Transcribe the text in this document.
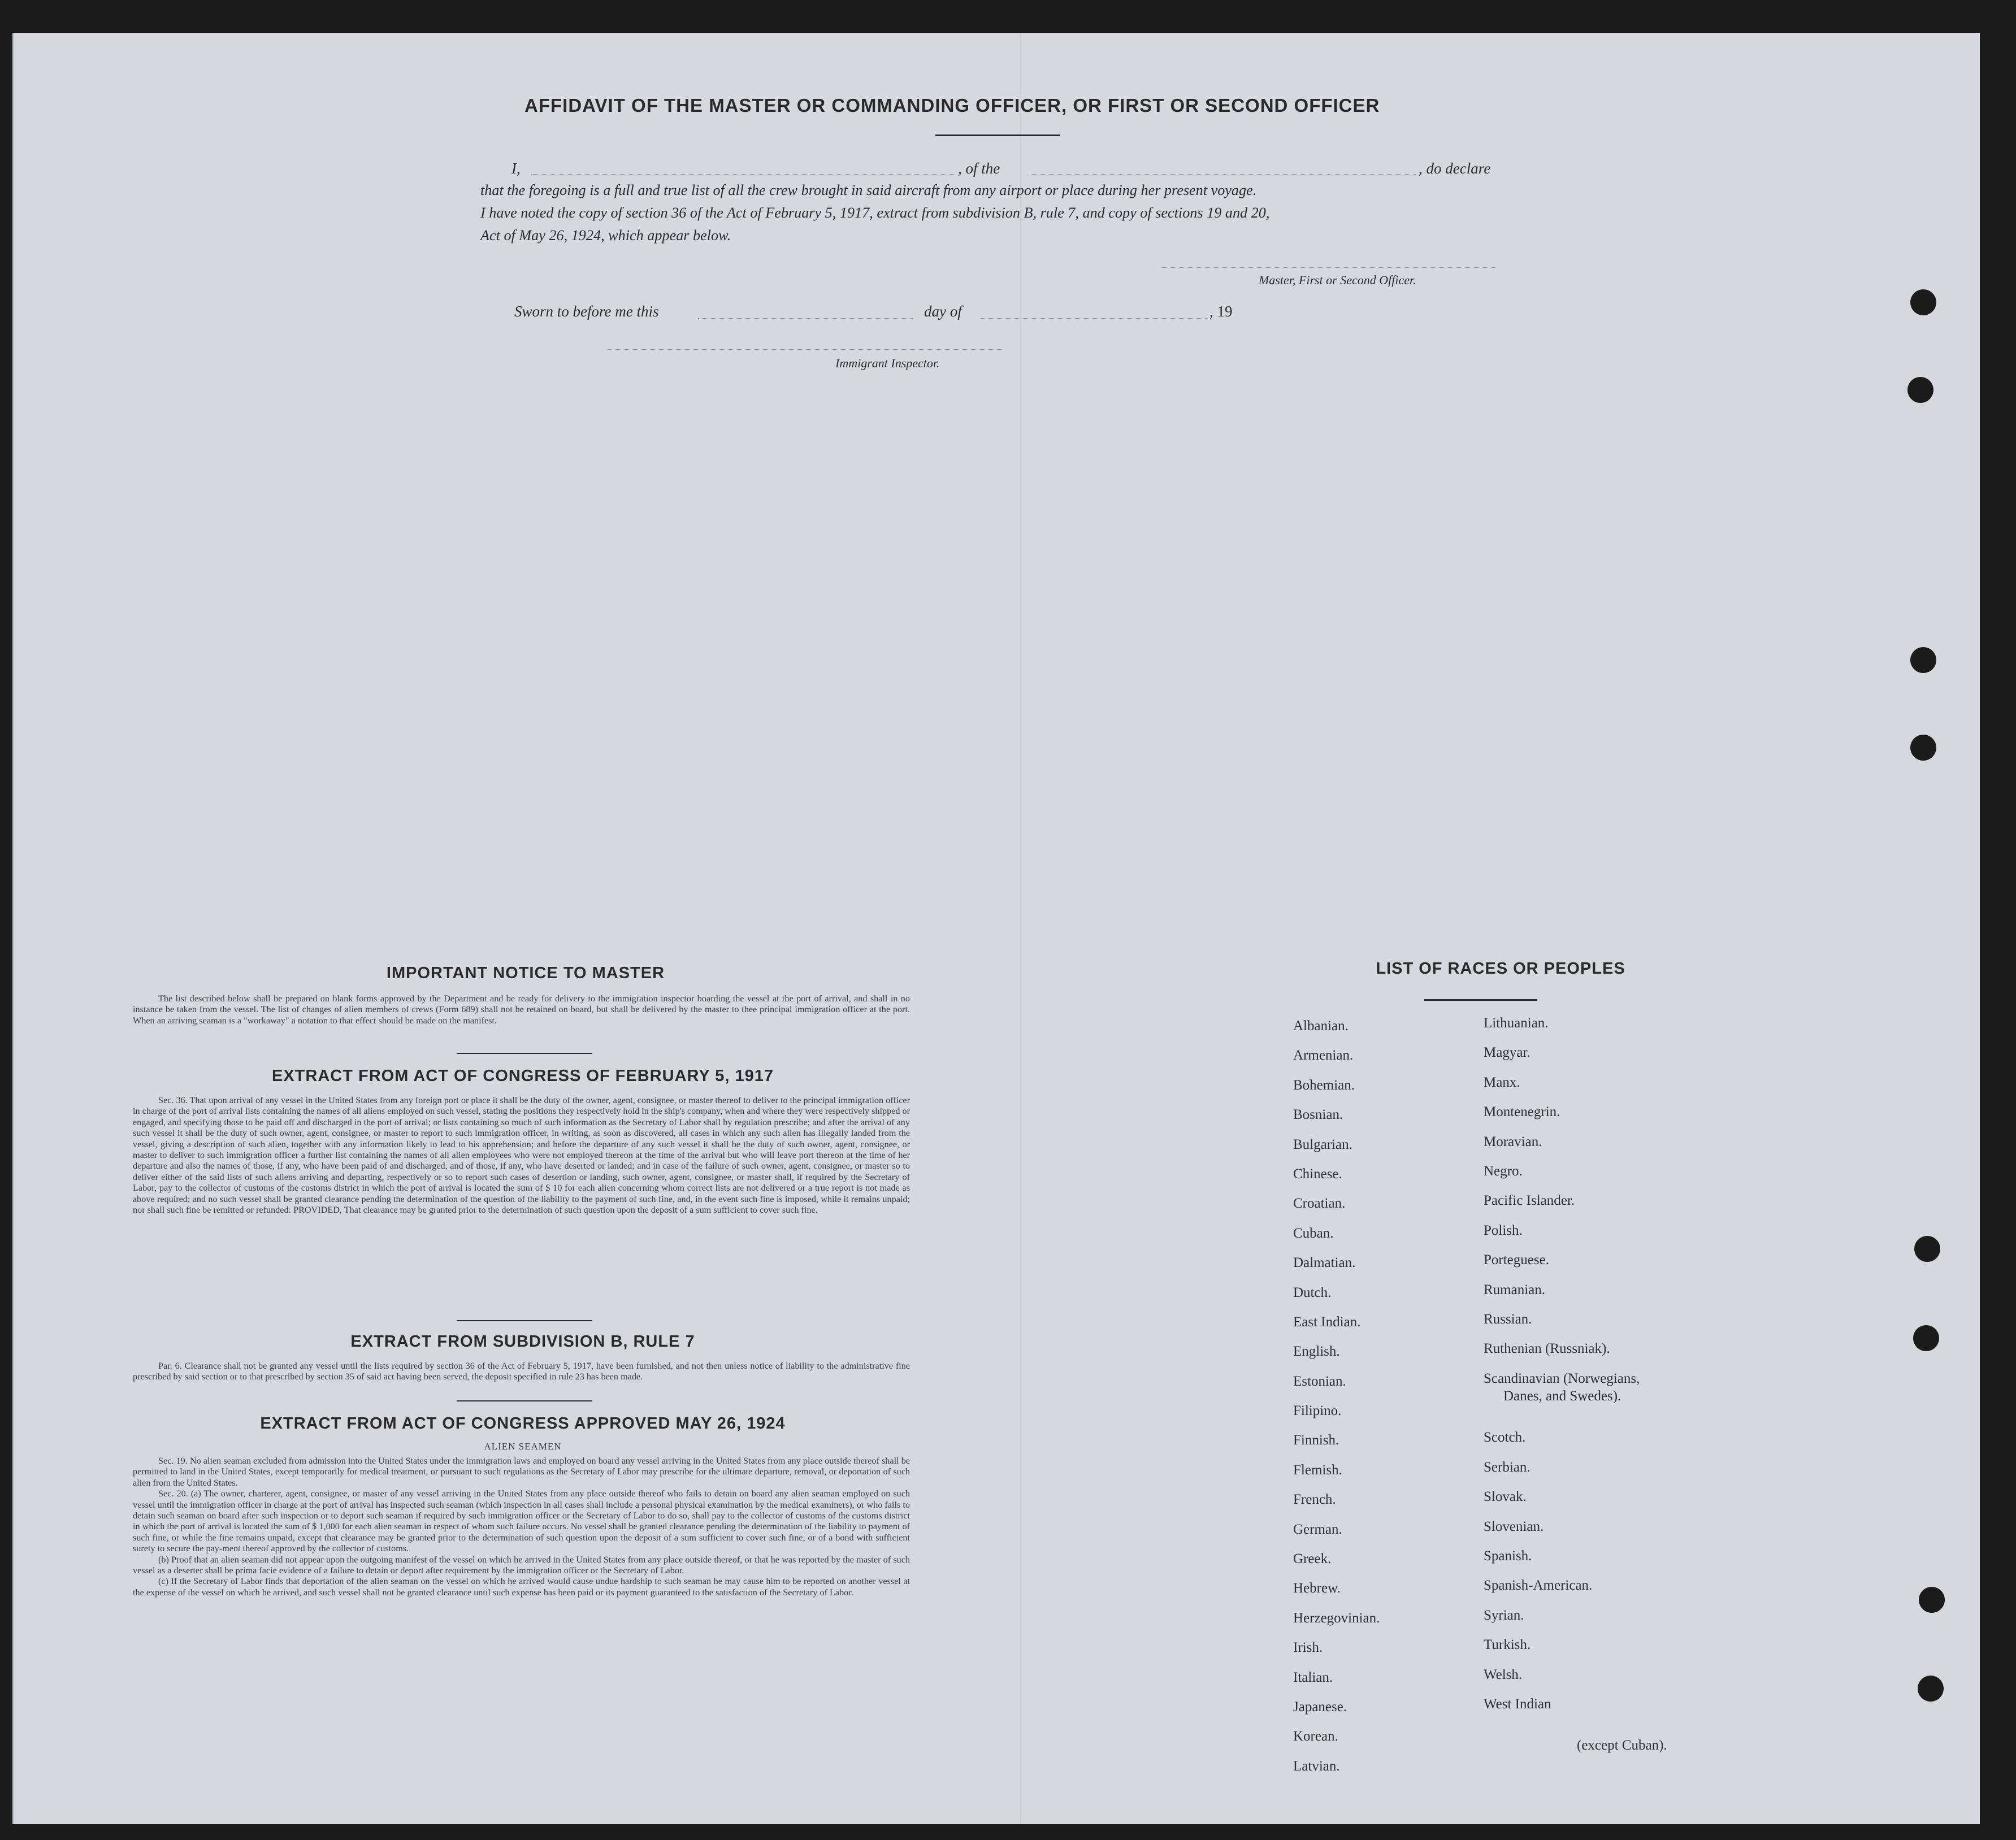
AFFIDAVIT OF THE MASTER OR COMMANDING OFFICER, OR FIRST OR SECOND OFFICER
I,	, of the	, do declare
that the foregoing is a full and true list of all the crew brought in said aircraft from any airport or place during her present voyage.
I have noted the copy of section 36 of the Act of February 5, 1917, extract from subdivision B, rule 7, and copy of sections 19 and 20,
Act of May 26, 1924, which appear below.
Master, First or Second Officer.
Sworn to before me this	day of	, 19
Immigrant Inspector.
IMPORTANT NOTICE TO MASTER
The list described below shall be prepared on blank forms approved by the Department and be ready for delivery to the immigration inspector boarding the vessel at the port of arrival, and shall in no instance be taken from the vessel. The list of changes of alien members of crews (Form 689) shall not be retained on board, but shall be delivered by the master to thee principal immigration officer at the port. When an arriving seaman is a "workaway" a notation to that effect should be made on the manifest.
EXTRACT FROM ACT OF CONGRESS OF FEBRUARY 5, 1917
Sec. 36. That upon arrival of any vessel in the United States from any foreign port or place it shall be the duty of the owner, agent, consignee, or master thereof to deliver to the principal immigration officer in charge of the port of arrival lists containing the names of all aliens employed on such vessel, stating the positions they respectively hold in the ship's company, when and where they were respectively shipped or engaged, and specifying those to be paid off and discharged in the port of arrival; or lists containing so much of such information as the Secretary of Labor shall by regulation prescribe; and after the arrival of any such vessel it shall be the duty of such owner, agent, consignee, or master to report to such immigration officer, in writing, as soon as discovered, all cases in which any such alien has illegally landed from the vessel, giving a description of such alien, together with any information likely to lead to his apprehension; and before the departure of any such vessel it shall be the duty of such owner, agent, consignee, or master to deliver to such immigration officer a further list containing the names of all alien employees who were not employed thereon at the time of the arrival but who will leave port thereon at the time of her departure and also the names of those, if any, who have been paid of and discharged, and of those, if any, who have deserted or landed; and in case of the failure of such owner, agent, consignee, or master so to deliver either of the said lists of such aliens arriving and departing, respectively or so to report such cases of desertion or landing, such owner, agent, consignee, or master shall, if required by the Secretary of Labor, pay to the collector of customs of the customs district in which the port of arrival is located the sum of $ 10 for each alien concerning whom correct lists are not delivered or a true report is not made as above required; and no such vessel shall be granted clearance pending the determination of the question of the liability to the payment of such fine, and, in the event such fine is imposed, while it remains unpaid; nor shall such fine be remitted or refunded: PROVIDED, That clearance may be granted prior to the determination of such question upon the deposit of a sum sufficient to cover such fine.
EXTRACT FROM SUBDIVISION B, RULE 7
Par. 6. Clearance shall not be granted any vessel until the lists required by section 36 of the Act of February 5, 1917, have been furnished, and not then unless notice of liability to the administrative fine prescribed by said section or to that prescribed by section 35 of said act having been served, the deposit specified in rule 23 has been made.
EXTRACT FROM ACT OF CONGRESS APPROVED MAY 26, 1924
ALIEN SEAMEN
Sec. 19. No alien seaman excluded from admission into the United States under the immigration laws and employed on board any vessel arriving in the United States from any place outside thereof shall be permitted to land in the United States, except temporarily for medical treatment, or pursuant to such regulations as the Secretary of Labor may prescribe for the ultimate departure, removal, or deportation of such alien from the United States.
Sec. 20. (a) The owner, charterer, agent, consignee, or master of any vessel arriving in the United States from any place outside thereof who fails to detain on board any alien seaman employed on such vessel until the immigration officer in charge at the port of arrival has inspected such seaman (which inspection in all cases shall include a personal physical examination by the medical examiners), or who fails to detain such seaman on board after such inspection or to deport such seaman if required by such immigration officer or the Secretary of Labor to do so, shall pay to the collector of customs of the customs district in which the port of arrival is located the sum of $ 1,000 for each alien seaman in respect of whom such failure occurs. No vessel shall be granted clearance pending the determination of the liability to payment of such fine, or while the fine remains unpaid, except that clearance may be granted prior to the determination of such question upon the deposit of a sum sufficient to cover such fine, or of a bond with sufficient surety to secure the pay-ment thereof approved by the collector of customs.
(b) Proof that an alien seaman did not appear upon the outgoing manifest of the vessel on which he arrived in the United States from any place outside thereof, or that he was reported by the master of such vessel as a deserter shall be prima facie evidence of a failure to detain or deport after requirement by the immigration officer or the Secretary of Labor.
(c) If the Secretary of Labor finds that deportation of the alien seaman on the vessel on which he arrived would cause undue hardship to such seaman he may cause him to be reported on another vessel at the expense of the vessel on which he arrived, and such vessel shall not be granted clearance until such expense has been paid or its payment guaranteed to the satisfaction of the Secretary of Labor.
LIST OF RACES OR PEOPLES
Albanian.
Armenian.
Bohemian.
Bosnian.
Bulgarian.
Chinese.
Croatian.
Cuban.
Dalmatian.
Dutch.
East Indian.
English.
Estonian.
Filipino.
Finnish.
Flemish.
French.
German.
Greek.
Hebrew.
Herzegovinian.
Irish.
Italian.
Japanese.
Korean.
Latvian.
Lithuanian.
Magyar.
Manx.
Montenegrin.
Moravian.
Negro.
Pacific Islander.
Polish.
Porteguese.
Rumanian.
Russian.
Ruthenian (Russniak).
Scandinavian (Norwegians,
Scotch.
Serbian.
Slovak.
Slovenian.
Spanish.
Spanish-American.
Syrian.
Turkish.
Welsh.
West Indian
Danes, and Swedes).
(except Cuban).
